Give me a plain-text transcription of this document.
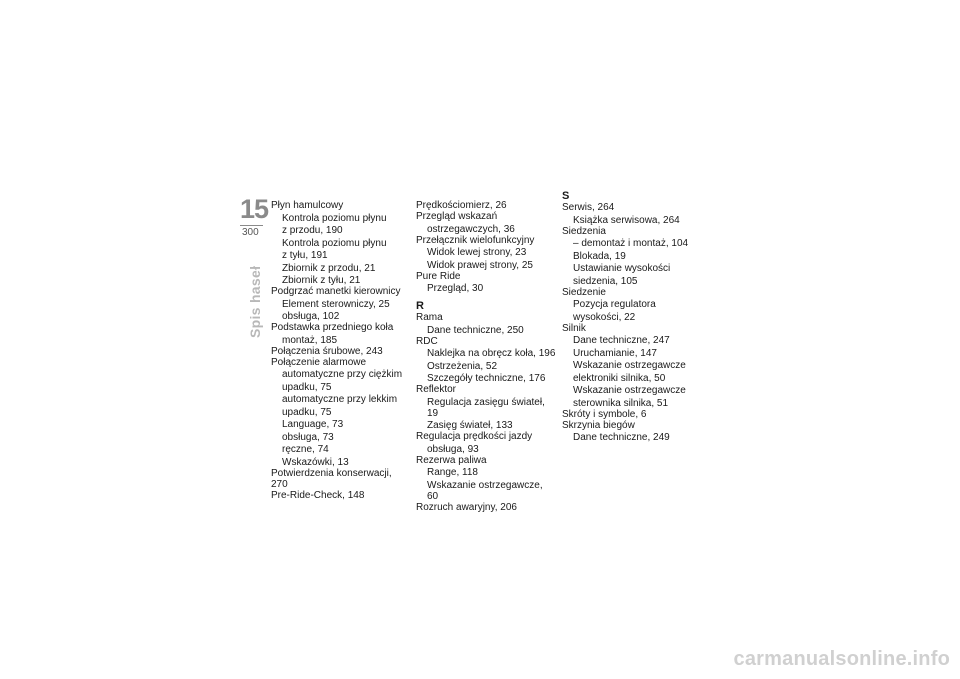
15
300
Spis haseł
Płyn hamulcowy
Kontrola poziomu płynu
z przodu, 190
Kontrola poziomu płynu
z tyłu, 191
Zbiornik z przodu, 21
Zbiornik z tyłu, 21
Podgrzać manetki kierownicy
Element sterowniczy, 25
obsługa, 102
Podstawka przedniego koła
montaż, 185
Połączenia śrubowe, 243
Połączenie alarmowe
automatyczne przy ciężkim
upadku, 75
automatyczne przy lekkim
upadku, 75
Language, 73
obsługa, 73
ręczne, 74
Wskazówki, 13
Potwierdzenia konserwacji, 270
Pre-Ride-Check, 148
Prędkościomierz, 26
Przegląd wskazań
ostrzegawczych, 36
Przełącznik wielofunkcyjny
Widok lewej strony, 23
Widok prawej strony, 25
Pure Ride
Przegląd, 30
R
Rama
Dane techniczne, 250
RDC
Naklejka na obręcz koła, 196
Ostrzeżenia, 52
Szczegóły techniczne, 176
Reflektor
Regulacja zasięgu świateł, 19
Zasięg świateł, 133
Regulacja prędkości jazdy
obsługa, 93
Rezerwa paliwa
Range, 118
Wskazanie ostrzegawcze, 60
Rozruch awaryjny, 206
S
Serwis, 264
Książka serwisowa, 264
Siedzenia
– demontaż i montaż, 104
Blokada, 19
Ustawianie wysokości
siedzenia, 105
Siedzenie
Pozycja regulatora
wysokości, 22
Silnik
Dane techniczne, 247
Uruchamianie, 147
Wskazanie ostrzegawcze
elektroniki silnika, 50
Wskazanie ostrzegawcze
sterownika silnika, 51
Skróty i symbole, 6
Skrzynia biegów
Dane techniczne, 249
carmanualsonline.info
